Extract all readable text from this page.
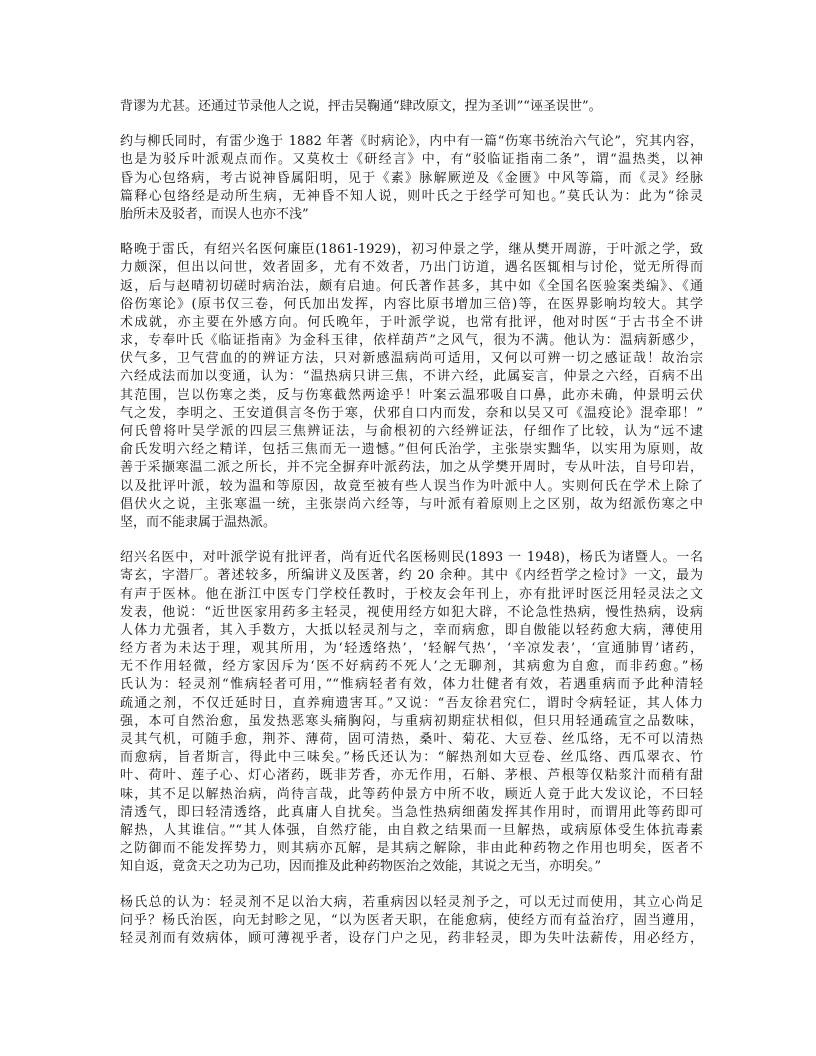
背谬为尤甚。还通过节录他人之说，抨击吴鞠通“肆改原文，捏为圣训”“诬圣误世”。
约与柳氏同时，有雷少逸于 1882 年著《时病论》，内中有一篇“伤寒书统治六气论”，究其内容，
也是为驳斥叶派观点而作。又莫枚士《研经言》中，有“驳临证指南二条”，谓“温热类，以神
昏为心包络病，考古说神昏属阳明，见于《素》脉解厥逆及《金匮》中风等篇，而《灵》经脉
篇释心包络经是动所生病，无神昏不知人说，则叶氏之于经学可知也。”莫氏认为：此为“徐灵
胎所未及驳者，而误人也亦不浅”
略晚于雷氏，有绍兴名医何廉臣(1861-1929)，初习仲景之学，继从樊开周游，于叶派之学，致
力颇深，但出以问世，效者固多，尤有不效者，乃出门访道，遇名医辄相与讨伦，觉无所得而
返，后与赵晴初切磋时病治法，颇有启迪。何氏著作甚多，其中如《全国名医验案类编》、《通
俗伤寒论》(原书仅三卷，何氏加出发挥，内容比原书增加三倍)等，在医界影响均较大。其学
术成就，亦主要在外感方向。何氏晚年，于叶派学说，也常有批评，他对时医“于古书全不讲
求，专奉叶氏《临证指南》为金科玉律，依样葫芦”之风气，很为不满。他认为：温病新感少，
伏气多，卫气营血的的辨证方法，只对新感温病尚可适用，又何以可辨一切之感证哉！故治宗
六经成法而加以变通，认为：“温热病只讲三焦，不讲六经，此属妄言，仲景之六经，百病不出
其范围，岂以伤寒之类，反与伤寒截然两途乎！叶案云温邪吸自口鼻，此亦未确，仲景明云伏
气之发，李明之、王安道俱言冬伤于寒，伏邪自口内而发，奈和以吴又可《温疫论》混牵耶！”
何氏曾将叶吴学派的四层三焦辨证法，与俞根初的六经辨证法，仔细作了比较，认为“远不逮
俞氏发明六经之精详，包括三焦而无一遗憾。”但何氏治学，主张崇实黜华，以实用为原则，故
善于采撷寒温二派之所长，并不完全摒弃叶派药法，加之从学樊开周时，专从叶法，自号印岩，
以及批评叶派，较为温和等原因，故竟至被有些人误当作为叶派中人。实则何氏在学术上除了
倡伏火之说，主张寒温一统，主张崇尚六经等，与叶派有着原则上之区别，故为绍派伤寒之中
坚，而不能隶属于温热派。
绍兴名医中，对叶派学说有批评者，尚有近代名医杨则民(1893 一 1948)，杨氏为诸暨人。一名
寄玄，字潜厂。著述较多，所编讲义及医著，约 20 余种。其中《内经哲学之检讨》一文，最为
有声于医林。他在浙江中医专门学校任教时，于校友会年刊上，亦有批评时医泛用轻灵法之文
发表，他说：“近世医家用药多主轻灵，视使用经方如犯大辟，不论急性热病，慢性热病，设病
人体力尤强者，其入手数方，大抵以轻灵剂与之，幸而病愈，即自傲能以轻药愈大病，薄使用
经方者为未达于理，观其所用，为‘轻透络热’，‘轻解气热’，‘辛凉发表’，‘宣通肺胃’诸药，
无不作用轻微，经方家因斥为‘医不好病药不死人’之无聊剂，其病愈为自愈，而非药愈。”杨
氏认为：轻灵剂“惟病轻者可用，”“惟病轻者有效，体力壮健者有效，若遇重病而予此种清轻
疏通之剂，不仅迁延时日，直养痈遗害耳。”又说：“吾友徐君究仁，谓时令病轻证，其人体力
强，本可自然治愈，虽发热恶寒头痛胸闷，与重病初期症状相似，但只用轻通疏宣之品数味，
灵其气机，可随手愈，荆芥、薄荷，固可清热，桑叶、菊花、大豆卷、丝瓜络，无不可以清热
而愈病，旨者斯言，得此中三味矣。”杨氏还认为：“解热剂如大豆卷、丝瓜络、西瓜翠衣、竹
叶、荷叶、莲子心、灯心渚药，既非芳香，亦无作用，石斛、茅根、芦根等仅粘浆汁而稍有甜
味，其不足以解热治病，尚待言哉，此等药仲景方中所不收，顾近人竟于此大发议论，不曰轻
清透气，即曰轻清透络，此真庸人自扰矣。当急性热病细菌发挥其作用时，而谓用此等药即可
解热，人其谁信。”“其人体强，自然疗能，由自救之结果而一旦解热，或病原体受生体抗毒素
之防御而不能发挥势力，则其病亦瓦解，是其病之解除，非由此种药物之作用也明矣，医者不
知自返，竟贪天之功为己功，因而推及此种药物医治之效能，其说之无当，亦明矣。”
杨氏总的认为：轻灵剂不足以治大病，若重病因以轻灵剂予之，可以无过而使用，其立心尚足
问乎？杨氏治医，向无封畛之见，“以为医者天职，在能愈病，使经方而有益治疗，固当遵用，
轻灵剂而有效病体，顾可薄视乎者，设存门户之见，药非轻灵，即为失叶法薪传，用必经方，
